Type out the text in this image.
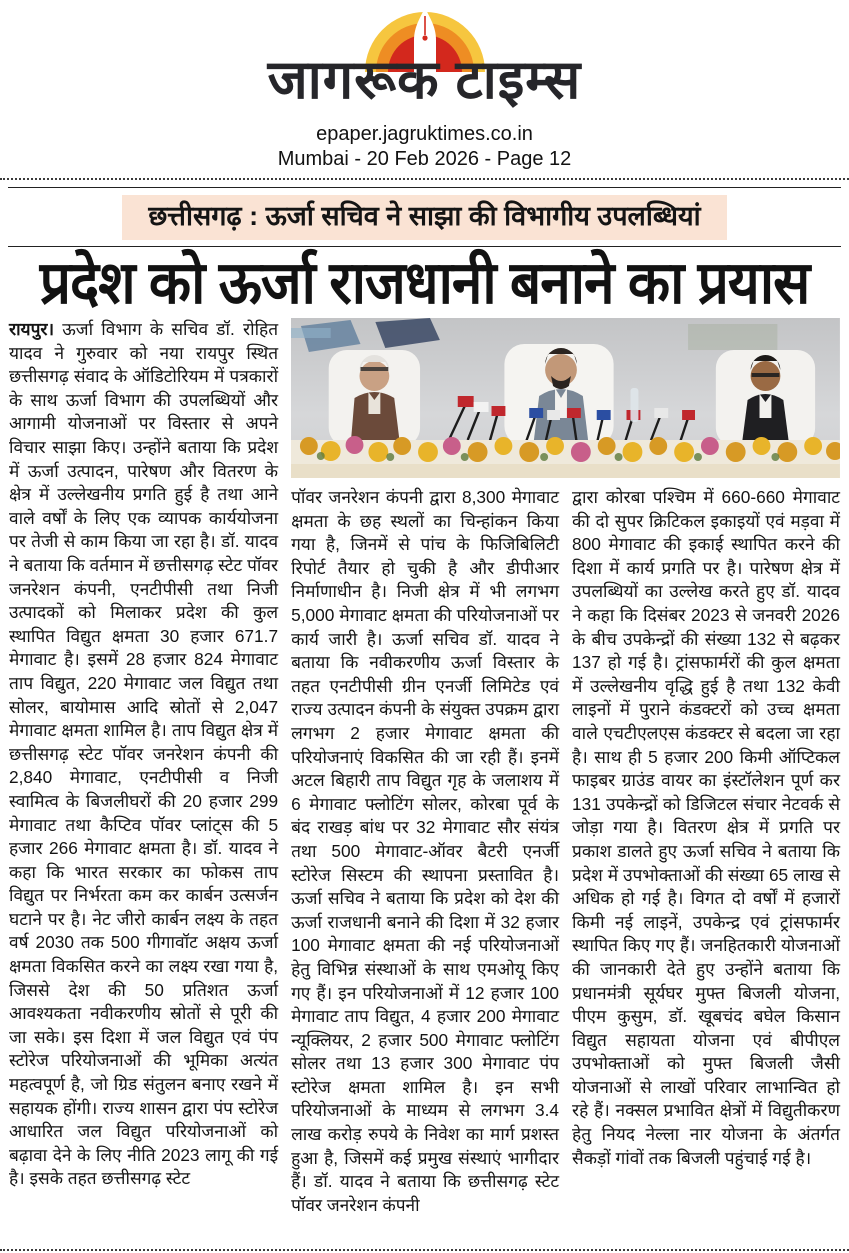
जागरूक टाइम्स
epaper.jagruktimes.co.in
Mumbai - 20 Feb 2026 - Page 12
छत्तीसगढ़ : ऊर्जा सचिव ने साझा की विभागीय उपलब्धियां
प्रदेश को ऊर्जा राजधानी बनाने का प्रयास

रायपुर। ऊर्जा विभाग के सचिव डॉ. रोहित यादव ने गुरुवार को नया रायपुर स्थित छत्तीसगढ़ संवाद के ऑडिटोरियम में पत्रकारों के साथ ऊर्जा विभाग की उपलब्धियों और आगामी योजनाओं पर विस्तार से अपने विचार साझा किए। उन्होंने बताया कि प्रदेश में ऊर्जा उत्पादन, पारेषण और वितरण के क्षेत्र में उल्लेखनीय प्रगति हुई है तथा आने वाले वर्षों के लिए एक व्यापक कार्ययोजना पर तेजी से काम किया जा रहा है। डॉ. यादव ने बताया कि वर्तमान में छत्तीसगढ़ स्टेट पॉवर जनरेशन कंपनी, एनटीपीसी तथा निजी उत्पादकों को मिलाकर प्रदेश की कुल स्थापित विद्युत क्षमता 30 हजार 671.7 मेगावाट है। इसमें 28 हजार 824 मेगावाट ताप विद्युत, 220 मेगावाट जल विद्युत तथा सोलर, बायोमास आदि स्रोतों से 2,047 मेगावाट क्षमता शामिल है। ताप विद्युत क्षेत्र में छत्तीसगढ़ स्टेट पॉवर जनरेशन कंपनी की 2,840 मेगावाट, एनटीपीसी व निजी स्वामित्व के बिजलीघरों की 20 हजार 299 मेगावाट तथा कैप्टिव पॉवर प्लांट्स की 5 हजार 266 मेगावाट क्षमता है। डॉ. यादव ने कहा कि भारत सरकार का फोकस ताप विद्युत पर निर्भरता कम कर कार्बन उत्सर्जन घटाने पर है। नेट जीरो कार्बन लक्ष्य के तहत वर्ष 2030 तक 500 गीगावॉट अक्षय ऊर्जा क्षमता विकसित करने का लक्ष्य रखा गया है, जिससे देश की 50 प्रतिशत ऊर्जा आवश्यकता नवीकरणीय स्रोतों से पूरी की जा सके। इस दिशा में जल विद्युत एवं पंप स्टोरेज परियोजनाओं की भूमिका अत्यंत महत्वपूर्ण है, जो ग्रिड संतुलन बनाए रखने में सहायक होंगी। राज्य शासन द्वारा पंप स्टोरेज आधारित जल विद्युत परियोजनाओं को बढ़ावा देने के लिए नीति 2023 लागू की गई है। इसके तहत छत्तीसगढ़ स्टेट

पॉवर जनरेशन कंपनी द्वारा 8,300 मेगावाट क्षमता के छह स्थलों का चिन्हांकन किया गया है, जिनमें से पांच के फिजिबिलिटी रिपोर्ट तैयार हो चुकी है और डीपीआर निर्माणाधीन है। निजी क्षेत्र में भी लगभग 5,000 मेगावाट क्षमता की परियोजनाओं पर कार्य जारी है। ऊर्जा सचिव डॉ. यादव ने बताया कि नवीकरणीय ऊर्जा विस्तार के तहत एनटीपीसी ग्रीन एनर्जी लिमिटेड एवं राज्य उत्पादन कंपनी के संयुक्त उपक्रम द्वारा लगभग 2 हजार मेगावाट क्षमता की परियोजनाएं विकसित की जा रही हैं। इनमें अटल बिहारी ताप विद्युत गृह के जलाशय में 6 मेगावाट फ्लोटिंग सोलर, कोरबा पूर्व के बंद राखड़ बांध पर 32 मेगावाट सौर संयंत्र तथा 500 मेगावाट-ऑवर बैटरी एनर्जी स्टोरेज सिस्टम की स्थापना प्रस्तावित है। ऊर्जा सचिव ने बताया कि प्रदेश को देश की ऊर्जा राजधानी बनाने की दिशा में 32 हजार 100 मेगावाट क्षमता की नई परियोजनाओं हेतु विभिन्न संस्थाओं के साथ एमओयू किए गए हैं। इन परियोजनाओं में 12 हजार 100 मेगावाट ताप विद्युत, 4 हजार 200 मेगावाट न्यूक्लियर, 2 हजार 500 मेगावाट फ्लोटिंग सोलर तथा 13 हजार 300 मेगावाट पंप स्टोरेज क्षमता शामिल है। इन सभी परियोजनाओं के माध्यम से लगभग 3.4 लाख करोड़ रुपये के निवेश का मार्ग प्रशस्त हुआ है, जिसमें कई प्रमुख संस्थाएं भागीदार हैं। डॉ. यादव ने बताया कि छत्तीसगढ़ स्टेट पॉवर जनरेशन कंपनी

द्वारा कोरबा पश्चिम में 660-660 मेगावाट की दो सुपर क्रिटिकल इकाइयों एवं मड़वा में 800 मेगावाट की इकाई स्थापित करने की दिशा में कार्य प्रगति पर है। पारेषण क्षेत्र में उपलब्धियों का उल्लेख करते हुए डॉ. यादव ने कहा कि दिसंबर 2023 से जनवरी 2026 के बीच उपकेन्द्रों की संख्या 132 से बढ़कर 137 हो गई है। ट्रांसफार्मरों की कुल क्षमता में उल्लेखनीय वृद्धि हुई है तथा 132 केवी लाइनों में पुराने कंडक्टरों को उच्च क्षमता वाले एचटीएलएस कंडक्टर से बदला जा रहा है। साथ ही 5 हजार 200 किमी ऑप्टिकल फाइबर ग्राउंड वायर का इंस्टॉलेशन पूर्ण कर 131 उपकेन्द्रों को डिजिटल संचार नेटवर्क से जोड़ा गया है। वितरण क्षेत्र में प्रगति पर प्रकाश डालते हुए ऊर्जा सचिव ने बताया कि प्रदेश में उपभोक्ताओं की संख्या 65 लाख से अधिक हो गई है। विगत दो वर्षों में हजारों किमी नई लाइनें, उपकेन्द्र एवं ट्रांसफार्मर स्थापित किए गए हैं। जनहितकारी योजनाओं की जानकारी देते हुए उन्होंने बताया कि प्रधानमंत्री सूर्यघर मुफ्त बिजली योजना, पीएम कुसुम, डॉ. खूबचंद बघेल किसान विद्युत सहायता योजना एवं बीपीएल उपभोक्ताओं को मुफ्त बिजली जैसी योजनाओं से लाखों परिवार लाभान्वित हो रहे हैं। नक्सल प्रभावित क्षेत्रों में विद्युतीकरण हेतु नियद नेल्ला नार योजना के अंतर्गत सैकड़ों गांवों तक बिजली पहुंचाई गई है।
